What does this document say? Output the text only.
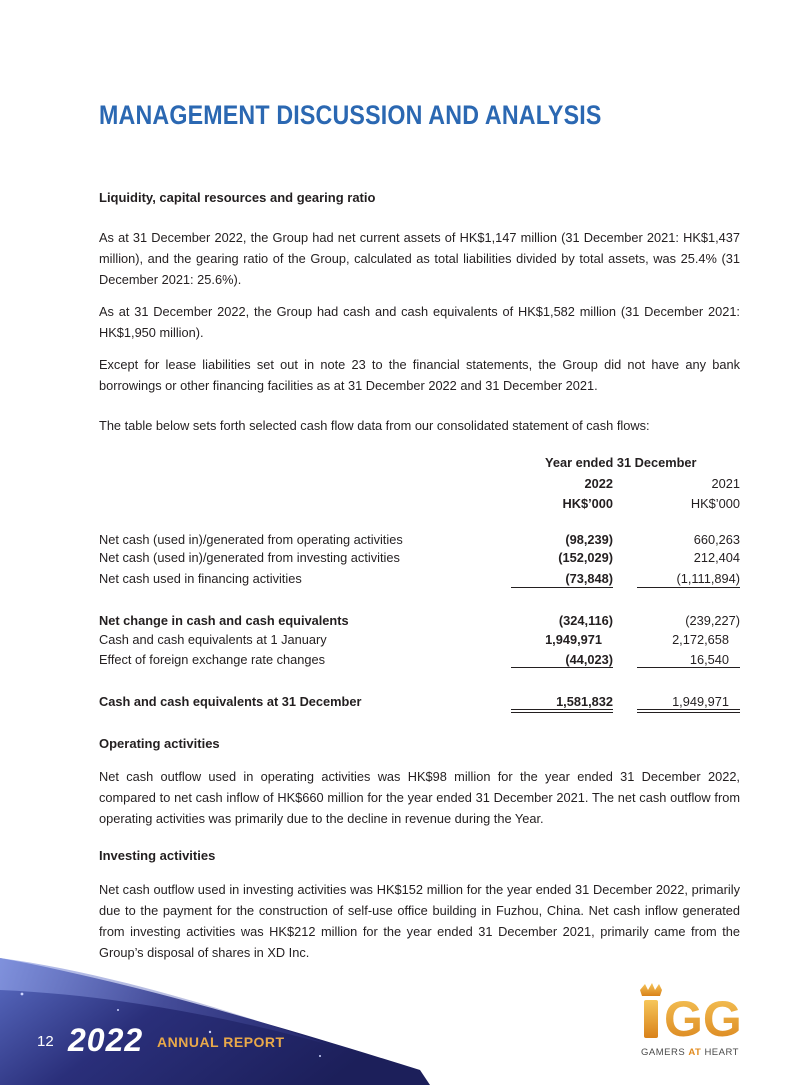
MANAGEMENT DISCUSSION AND ANALYSIS
Liquidity, capital resources and gearing ratio

As at 31 December 2022, the Group had net current assets of HK$1,147 million (31 December 2021: HK$1,437 million), and the gearing ratio of the Group, calculated as total liabilities divided by total assets, was 25.4% (31 December 2021: 25.6%).

As at 31 December 2022, the Group had cash and cash equivalents of HK$1,582 million (31 December 2021: HK$1,950 million).

Except for lease liabilities set out in note 23 to the financial statements, the Group did not have any bank borrowings or other financing facilities as at 31 December 2022 and 31 December 2021.

The table below sets forth selected cash flow data from our consolidated statement of cash flows:

Year ended 31 December
2022	2021
HK$’000	HK$’000
Net cash (used in)/generated from operating activities	(98,239)	660,263
Net cash (used in)/generated from investing activities	(152,029)	212,404
Net cash used in financing activities	(73,848)	(1,111,894)
Net change in cash and cash equivalents	(324,116)	(239,227)
Cash and cash equivalents at 1 January	1,949,971	2,172,658
Effect of foreign exchange rate changes	(44,023)	16,540
Cash and cash equivalents at 31 December	1,581,832	1,949,971
Operating activities

Net cash outflow used in operating activities was HK$98 million for the year ended 31 December 2022, compared to net cash inflow of HK$660 million for the year ended 31 December 2021. The net cash outflow from operating activities was primarily due to the decline in revenue during the Year.

Investing activities

Net cash outflow used in investing activities was HK$152 million for the year ended 31 December 2022, primarily due to the payment for the construction of self-use office building in Fuzhou, China. Net cash inflow generated from investing activities was HK$212 million for the year ended 31 December 2021, primarily came from the Group’s disposal of shares in XD Inc.

12 2022 ANNUAL REPORT	GG
GAMERS AT HEART
